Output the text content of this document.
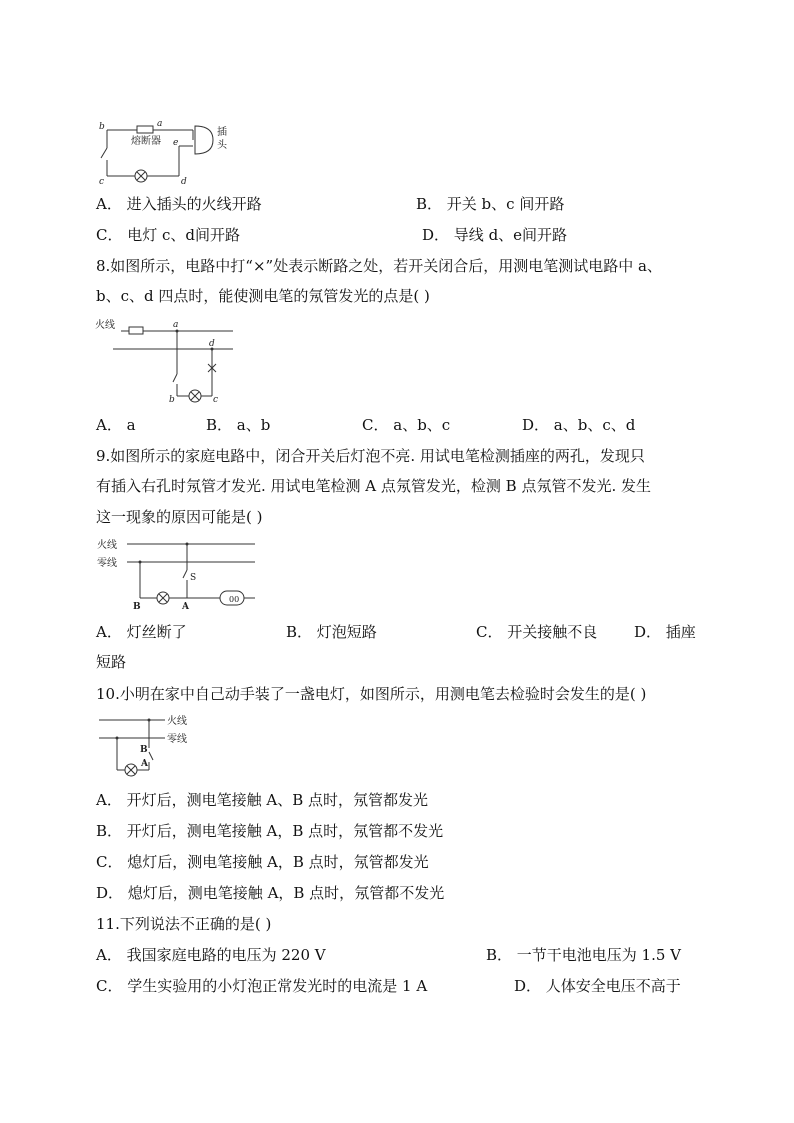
b	a
熔断器
插
头
e
c	d
A． 进入插头的火线开路	B． 开关 b、c 间开路
C． 电灯 c、d间开路	D． 导线 d、e间开路
8.如图所示，电路中打“×”处表示断路之处，若开关闭合后，用测电笔测试电路中 a、
b、c、d 四点时，能使测电笔的氖管发光的点是( )
火线	a
b	c
d
A． a	B． a、b	C． a、b、c	D． a、b、c、d
9.如图所示的家庭电路中，闭合开关后灯泡不亮. 用试电笔检测插座的两孔，发现只
有插入右孔时氖管才发光. 用试电笔检测 A 点氖管发光，检测 B 点氖管不发光. 发生
这一现象的原因可能是( )
00
火线
零线
S
A
B
A． 灯丝断了	B． 灯泡短路	C． 开关接触不良 D． 插座
短路
10.小明在家中自己动手装了一盏电灯，如图所示，用测电笔去检验时会发生的是( )
火线
零线
B
A
A． 开灯后，测电笔接触 A、B 点时，氖管都发光
B． 开灯后，测电笔接触 A，B 点时，氖管都不发光
C． 熄灯后，测电笔接触 A，B 点时，氖管都发光
D． 熄灯后，测电笔接触 A，B 点时，氖管都不发光
11.下列说法不正确的是( )
A． 我国家庭电路的电压为 220 V	B． 一节干电池电压为 1.5 V
C． 学生实验用的小灯泡正常发光时的电流是 1 A	D． 人体安全电压不高于
